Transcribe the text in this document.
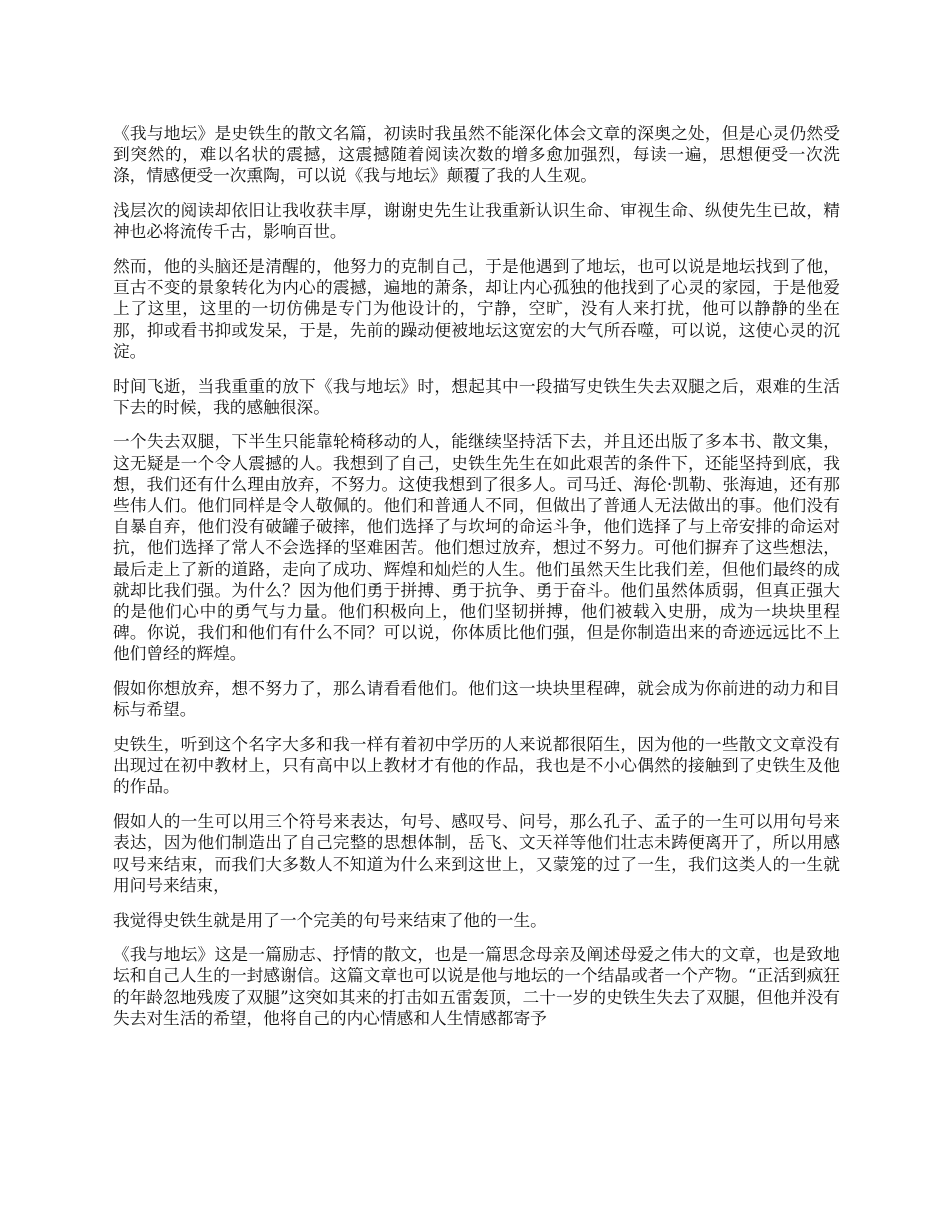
《我与地坛》是史铁生的散文名篇，初读时我虽然不能深化体会文章的深奥之处，但是心灵仍然受到突然的，难以名状的震撼，这震撼随着阅读次数的增多愈加强烈，每读一遍，思想便受一次洗涤，情感便受一次熏陶，可以说《我与地坛》颠覆了我的人生观。

浅层次的阅读却依旧让我收获丰厚，谢谢史先生让我重新认识生命、审视生命、纵使先生已故，精神也必将流传千古，影响百世。

然而，他的头脑还是清醒的，他努力的克制自己，于是他遇到了地坛，也可以说是地坛找到了他，亘古不变的景象转化为内心的震撼，遍地的萧条，却让内心孤独的他找到了心灵的家园，于是他爱上了这里，这里的一切仿佛是专门为他设计的，宁静，空旷，没有人来打扰，他可以静静的坐在那，抑或看书抑或发呆，于是，先前的躁动便被地坛这宽宏的大气所吞噬，可以说，这使心灵的沉淀。

时间飞逝，当我重重的放下《我与地坛》时，想起其中一段描写史铁生失去双腿之后，艰难的生活下去的时候，我的感触很深。

一个失去双腿，下半生只能靠轮椅移动的人，能继续坚持活下去，并且还出版了多本书、散文集，这无疑是一个令人震撼的人。我想到了自己，史铁生先生在如此艰苦的条件下，还能坚持到底，我想，我们还有什么理由放弃，不努力。这使我想到了很多人。司马迁、海伦·凯勒、张海迪，还有那些伟人们。他们同样是令人敬佩的。他们和普通人不同，但做出了普通人无法做出的事。他们没有自暴自弃，他们没有破罐子破摔，他们选择了与坎坷的命运斗争，他们选择了与上帝安排的命运对抗，他们选择了常人不会选择的坚难困苦。他们想过放弃，想过不努力。可他们摒弃了这些想法，最后走上了新的道路，走向了成功、辉煌和灿烂的人生。他们虽然天生比我们差，但他们最终的成就却比我们强。为什么？因为他们勇于拼搏、勇于抗争、勇于奋斗。他们虽然体质弱，但真正强大的是他们心中的勇气与力量。他们积极向上，他们坚韧拼搏，他们被载入史册，成为一块块里程碑。你说，我们和他们有什么不同？可以说，你体质比他们强，但是你制造出来的奇迹远远比不上他们曾经的辉煌。

假如你想放弃，想不努力了，那么请看看他们。他们这一块块里程碑，就会成为你前进的动力和目标与希望。

史铁生，听到这个名字大多和我一样有着初中学历的人来说都很陌生，因为他的一些散文文章没有出现过在初中教材上，只有高中以上教材才有他的作品，我也是不小心偶然的接触到了史铁生及他的作品。

假如人的一生可以用三个符号来表达，句号、感叹号、问号，那么孔子、孟子的一生可以用句号来表达，因为他们制造出了自己完整的思想体制，岳飞、文天祥等他们壮志未踌便离开了，所以用感叹号来结束，而我们大多数人不知道为什么来到这世上，又蒙笼的过了一生，我们这类人的一生就用问号来结束，

我觉得史铁生就是用了一个完美的句号来结束了他的一生。

《我与地坛》这是一篇励志、抒情的散文，也是一篇思念母亲及阐述母爱之伟大的文章，也是致地坛和自己人生的一封感谢信。这篇文章也可以说是他与地坛的一个结晶或者一个产物。“正活到疯狂的年龄忽地残废了双腿”这突如其来的打击如五雷轰顶，二十一岁的史铁生失去了双腿，但他并没有失去对生活的希望，他将自己的内心情感和人生情感都寄予
